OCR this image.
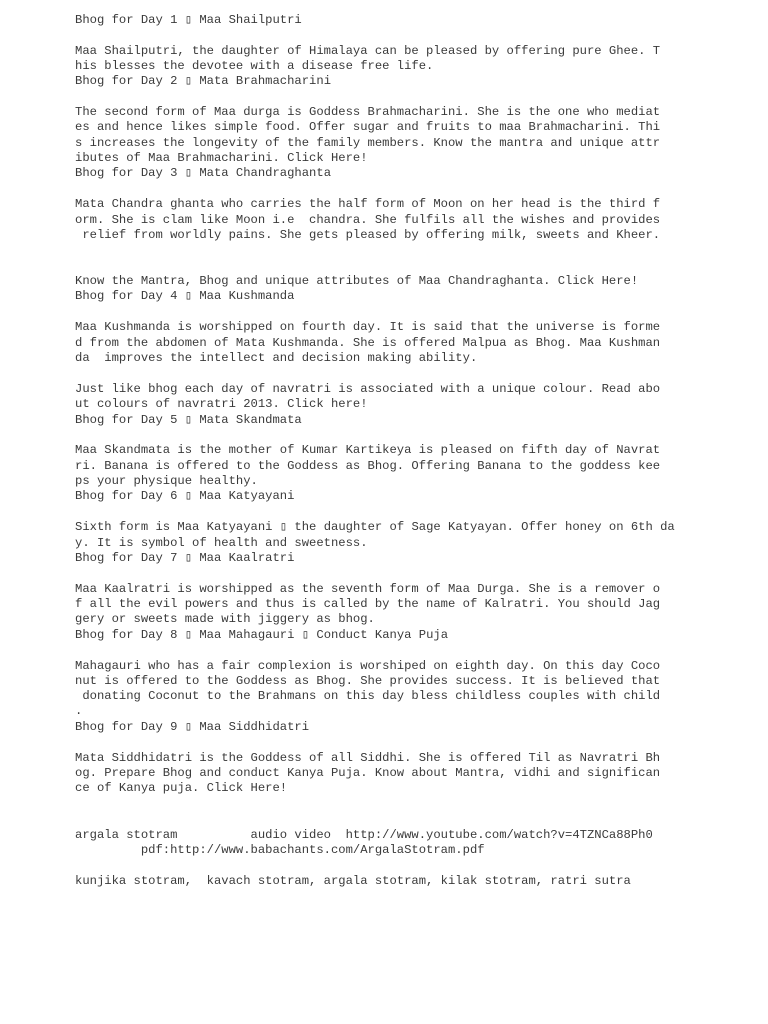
Bhog for Day 1 ▯ Maa Shailputri

Maa Shailputri, the daughter of Himalaya can be pleased by offering pure Ghee. T

his blesses the devotee with a disease free life.

Bhog for Day 2 ▯ Mata Brahmacharini

The second form of Maa durga is Goddess Brahmacharini. She is the one who mediat

es and hence likes simple food. Offer sugar and fruits to maa Brahmacharini. Thi

s increases the longevity of the family members. Know the mantra and unique attr

ibutes of Maa Brahmacharini. Click Here!

Bhog for Day 3 ▯ Mata Chandraghanta

Mata Chandra ghanta who carries the half form of Moon on her head is the third f

orm. She is clam like Moon i.e  chandra. She fulfils all the wishes and provides

relief from worldly pains. She gets pleased by offering milk, sweets and Kheer.

Know the Mantra, Bhog and unique attributes of Maa Chandraghanta. Click Here!

Bhog for Day 4 ▯ Maa Kushmanda

Maa Kushmanda is worshipped on fourth day. It is said that the universe is forme

d from the abdomen of Mata Kushmanda. She is offered Malpua as Bhog. Maa Kushman

da  improves the intellect and decision making ability.

Just like bhog each day of navratri is associated with a unique colour. Read abo

ut colours of navratri 2013. Click here!

Bhog for Day 5 ▯ Mata Skandmata

Maa Skandmata is the mother of Kumar Kartikeya is pleased on fifth day of Navrat

ri. Banana is offered to the Goddess as Bhog. Offering Banana to the goddess kee

ps your physique healthy.

Bhog for Day 6 ▯ Maa Katyayani

Sixth form is Maa Katyayani ▯ the daughter of Sage Katyayan. Offer honey on 6th da

y. It is symbol of health and sweetness.

Bhog for Day 7 ▯ Maa Kaalratri

Maa Kaalratri is worshipped as the seventh form of Maa Durga. She is a remover o

f all the evil powers and thus is called by the name of Kalratri. You should Jag

gery or sweets made with jiggery as bhog.

Bhog for Day 8 ▯ Maa Mahagauri ▯ Conduct Kanya Puja

Mahagauri who has a fair complexion is worshiped on eighth day. On this day Coco

nut is offered to the Goddess as Bhog. She provides success. It is believed that

donating Coconut to the Brahmans on this day bless childless couples with child

.

Bhog for Day 9 ▯ Maa Siddhidatri

Mata Siddhidatri is the Goddess of all Siddhi. She is offered Til as Navratri Bh

og. Prepare Bhog and conduct Kanya Puja. Know about Mantra, vidhi and significan

ce of Kanya puja. Click Here!

argala stotram          audio video  http://www.youtube.com/watch?v=4TZNCa88Ph0

pdf:http://www.babachants.com/ArgalaStotram.pdf

kunjika stotram,  kavach stotram, argala stotram, kilak stotram, ratri sutra
